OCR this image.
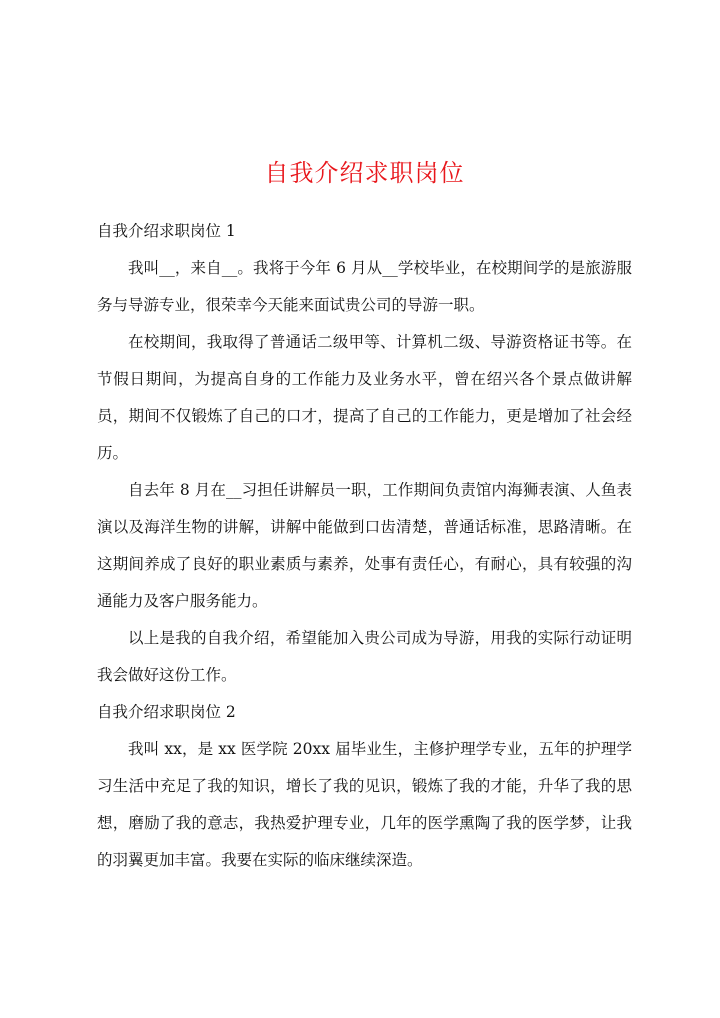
自我介绍求职岗位

自我介绍求职岗位 1

我叫__，来自__。我将于今年 6 月从__学校毕业，在校期间学的是旅游服务与导游专业，很荣幸今天能来面试贵公司的导游一职。

在校期间，我取得了普通话二级甲等、计算机二级、导游资格证书等。在节假日期间，为提高自身的工作能力及业务水平，曾在绍兴各个景点做讲解员，期间不仅锻炼了自己的口才，提高了自己的工作能力，更是增加了社会经历。

自去年 8 月在__习担任讲解员一职，工作期间负责馆内海狮表演、人鱼表演以及海洋生物的讲解，讲解中能做到口齿清楚，普通话标准，思路清晰。在这期间养成了良好的职业素质与素养，处事有责任心，有耐心，具有较强的沟通能力及客户服务能力。

以上是我的自我介绍，希望能加入贵公司成为导游，用我的实际行动证明我会做好这份工作。

自我介绍求职岗位 2

我叫 xx，是 xx 医学院 20xx 届毕业生，主修护理学专业，五年的护理学习生活中充足了我的知识，增长了我的见识，锻炼了我的才能，升华了我的思想，磨励了我的意志，我热爱护理专业，几年的医学熏陶了我的医学梦，让我的羽翼更加丰富。我要在实际的临床继续深造。
